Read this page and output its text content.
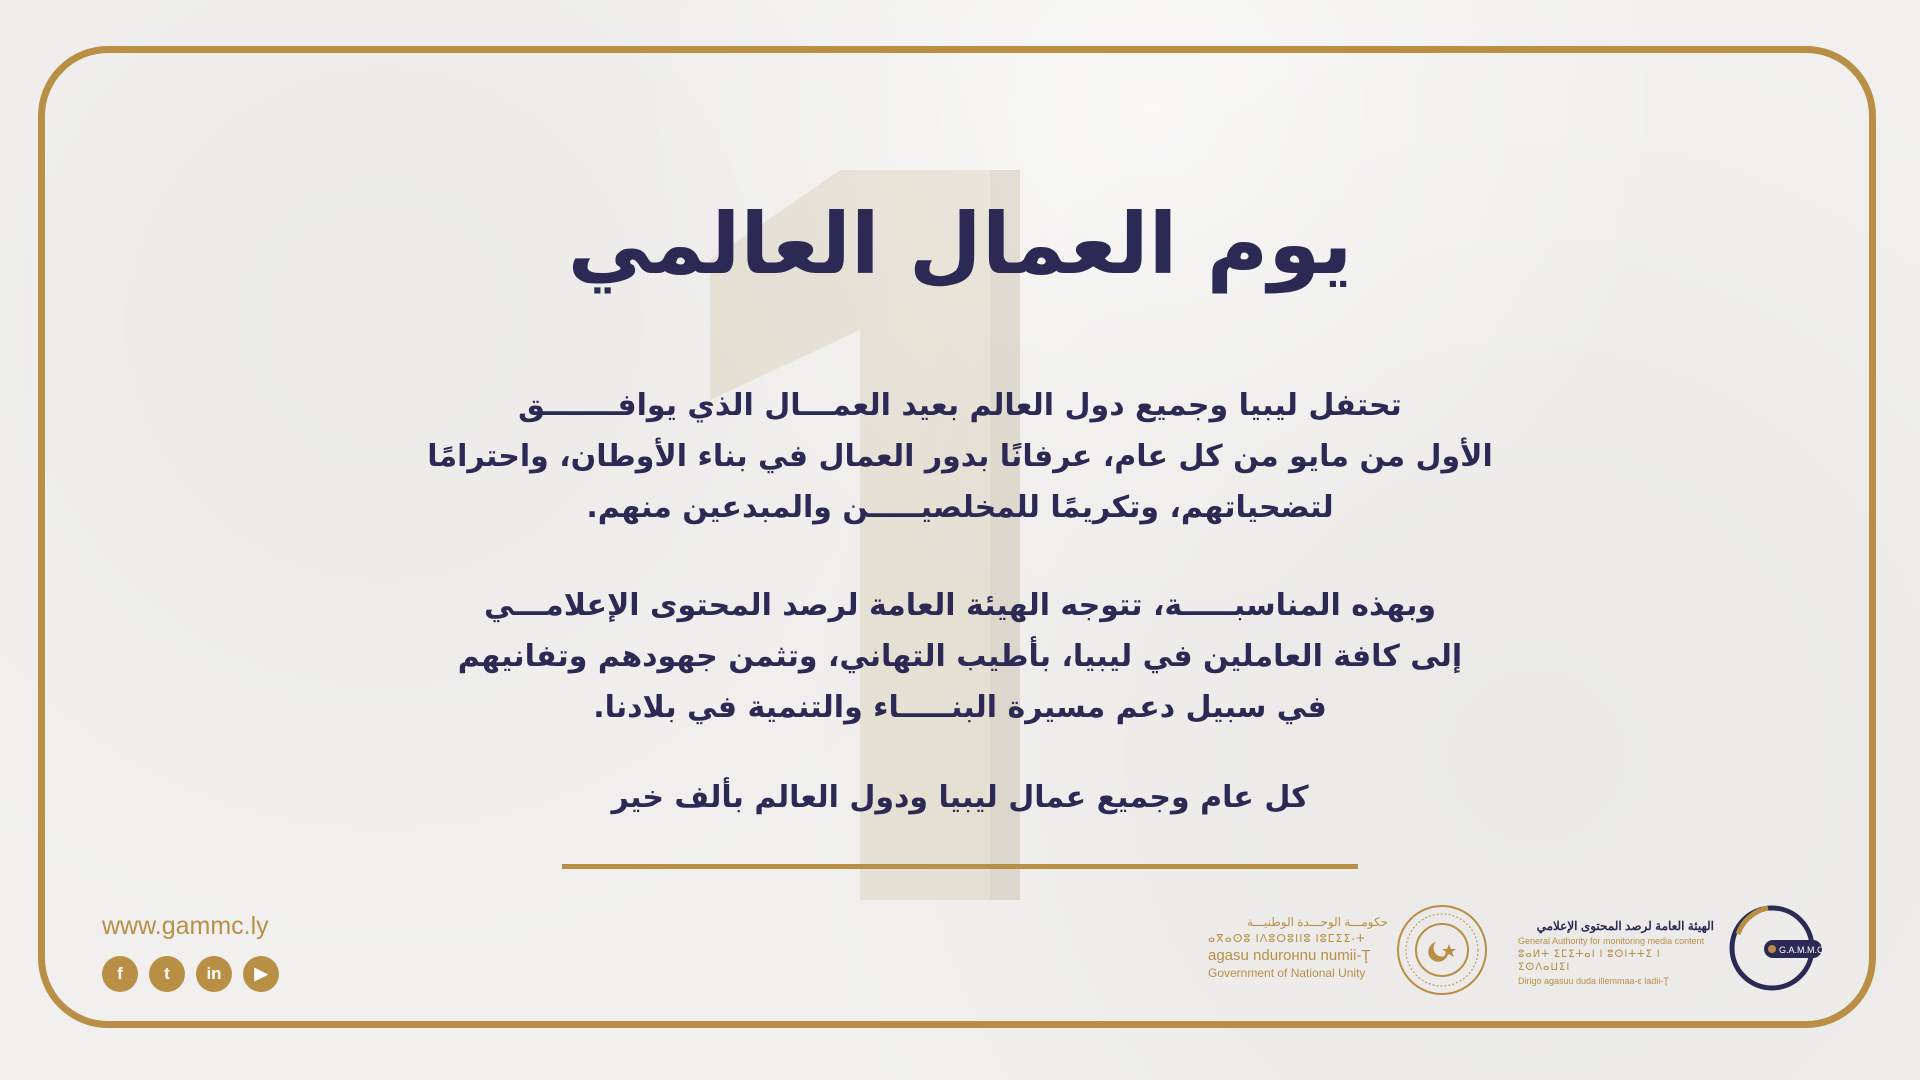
يوم العمال العالمي
تحتفل ليبيا وجميع دول العالم بعيد العمـــال الذي يوافـــــــق
الأول من مايو من كل عام، عرفانًا بدور العمال في بناء الأوطان، واحترامًا
لتضحياتهم، وتكريمًا للمخلصيـــــن والمبدعين منهم.
وبهذه المناسبـــــة، تتوجه الهيئة العامة لرصد المحتوى الإعلامـــي
إلى كافة العاملين في ليبيا، بأطيب التهاني، وتثمن جهودهم وتفانيهم
في سبيل دعم مسيرة البنـــــاء والتنمية في بلادنا.
كل عام وجميع عمال ليبيا ودول العالم بألف خير
www.gammc.ly
f	t	in	▶
حكومـــة الوحـــدة الوطنيـــة
ⴰⴳⴰⵙⵓ ⵏⴷⵓⵔⵓⵏⵏⵓ ⵏⵓⵎⵉⵉ-ⵜ
agasu ndurонnu numii-Ţ
Government of National Unity
الهيئة العامة لرصد المحتوى الإعلامي
General Authority for monitoring media content
ⵓⴰⵍⵜ ⵉⵎⵉⵜⴰⵏ ⵏ ⵓⵙⵏⵜⵜⵉ ⵏ ⵉⵙⴷⴰⵡⵉⵏ
Dirigo agasuu duda illemmaa-ɛ ladii-Ţ
G.A.M.M.C
